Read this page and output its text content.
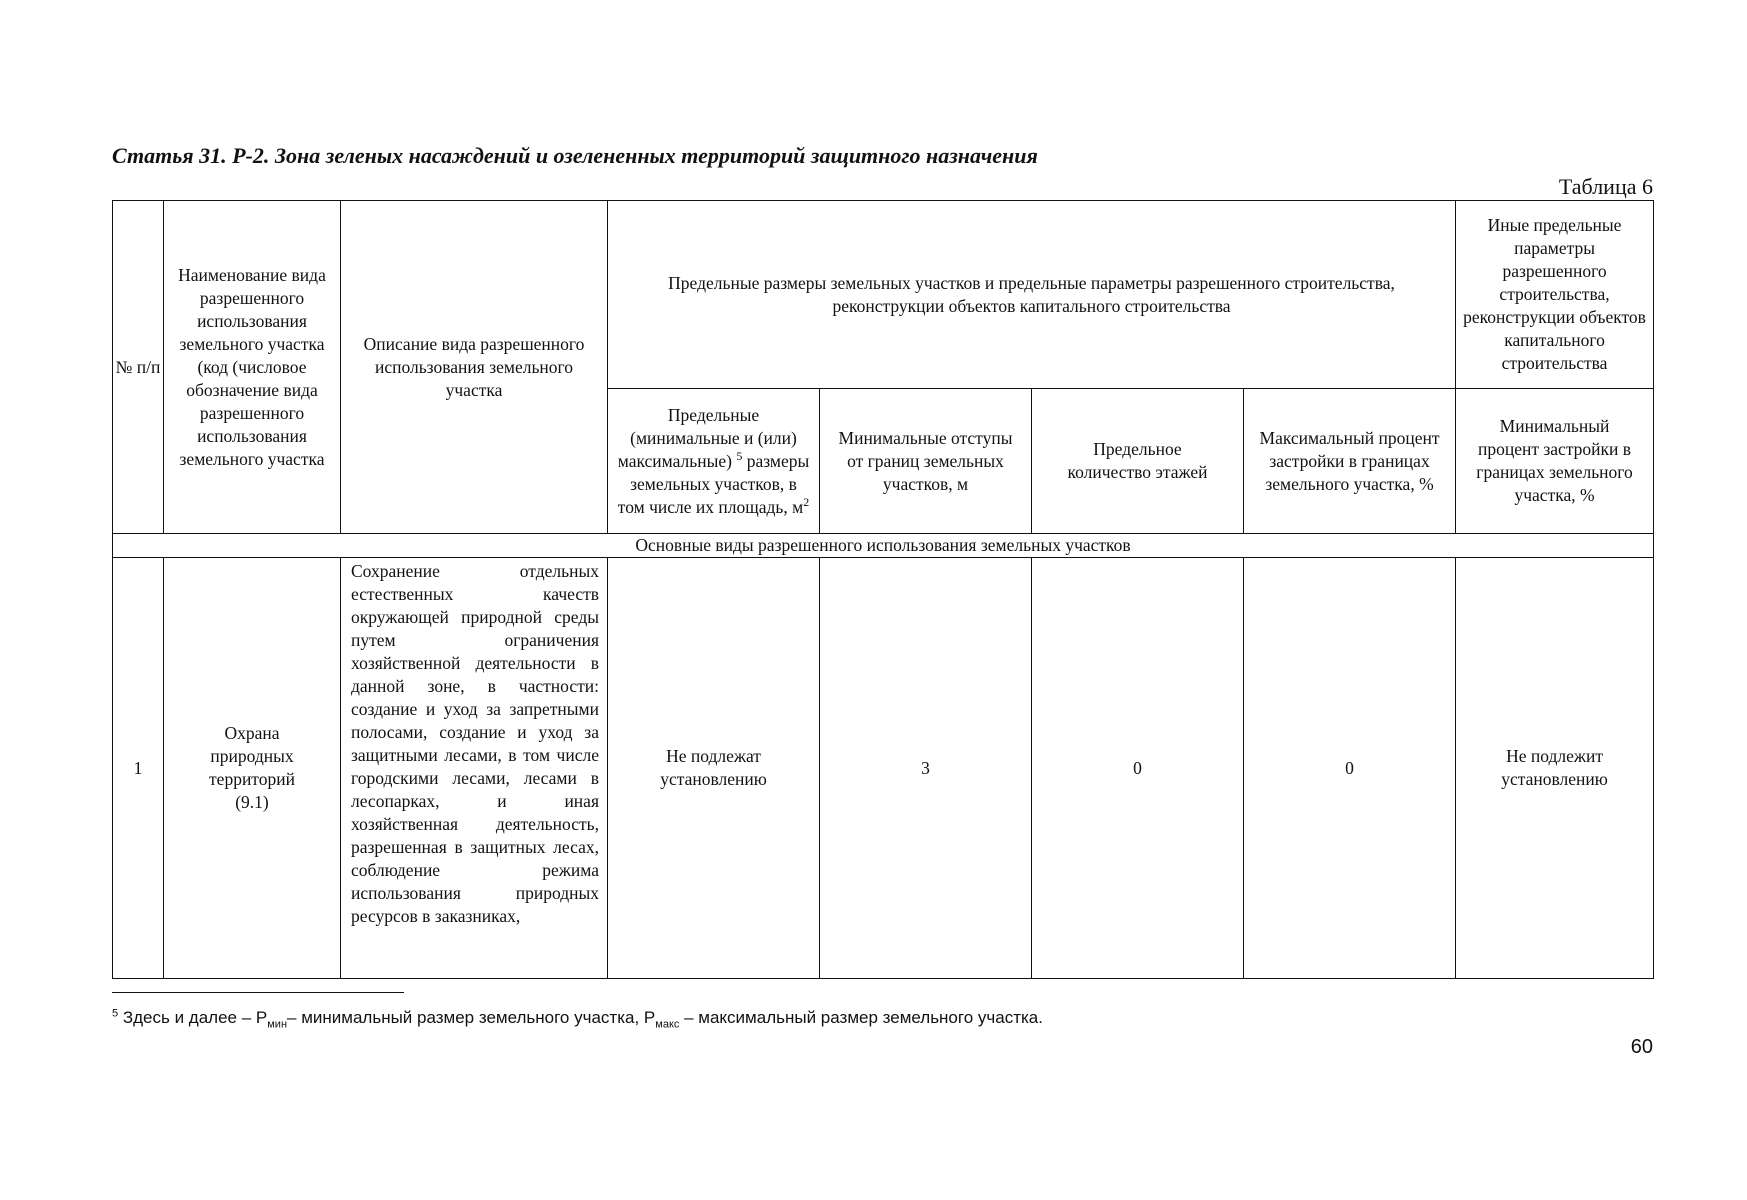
Статья 31. Р-2. Зона зеленых насаждений и озелененных территорий защитного назначения
Таблица 6
№ п/п	Наименование вида разрешенного использования земельного участка (код (числовое обозначение вида разрешенного использования земельного участка	Описание вида разрешенного использования земельного участка	Предельные размеры земельных участков и предельные параметры разрешенного строительства, реконструкции объектов капитального строительства				Иные предельные параметры разрешенного строительства, реконструкции объектов капитального строительства
			Предельные (минимальные и (или) максимальные) $^5$ размеры земельных участков, в том числе их площадь, $м^2$	Минимальные отступы от границ земельных участков, м	Предельное количество этажей	Максимальный процент застройки в границах земельного участка, %	Минимальный процент застройки в границах земельного участка, %
Основные виды разрешенного использования земельных участков							
1	Охрана природных территорий (9.1)	Сохранение отдельных естественных качеств окружающей природной среды путем ограничения хозяйственной деятельности в данной зоне, в частности: создание и уход за запретными полосами, создание и уход за защитными лесами, в том числе городскими лесами, лесами в лесопарках, и иная хозяйственная деятельность, разрешенная в защитных лесах, соблюдение режима использования природных ресурсов в заказниках,	Не подлежат установлению	3	0	0	Не подлежит установлению
$^5$ Здесь и далее – $Р_{мин}-$ минимальный размер земельного участка, $Р_{макс}$ – максимальный размер земельного участка.
60
